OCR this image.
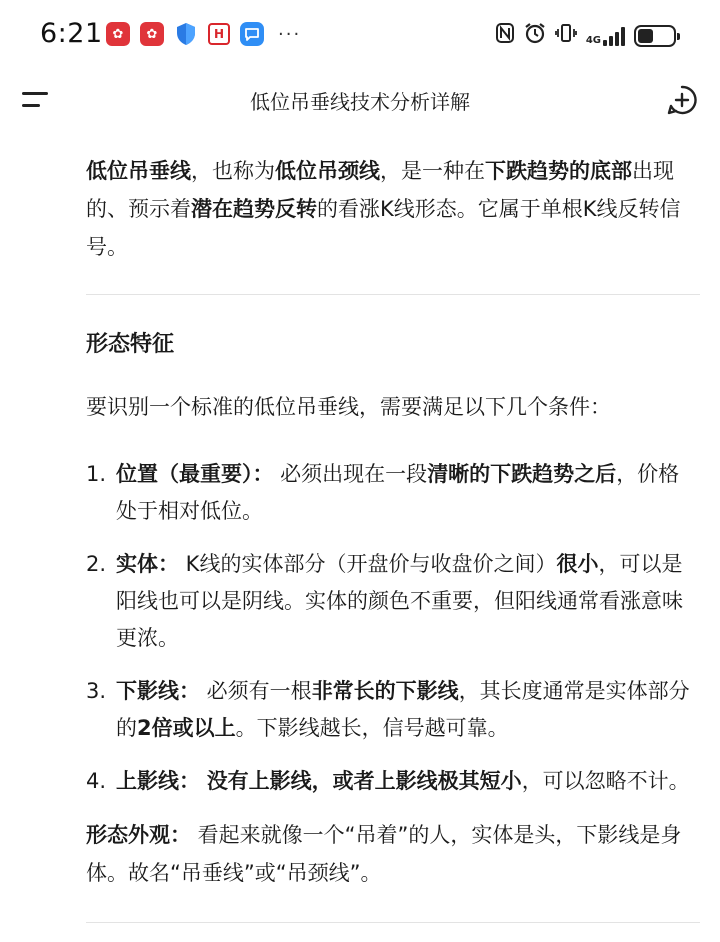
6:21 ✿	✿	H	···	4G
低位吊垂线技术分析详解

低位吊垂线，也称为低位吊颈线，是一种在下跌趋势的底部出现的、预示着潜在趋势反转的看涨K线形态。它属于单根K线反转信号。

形态特征

要识别一个标准的低位吊垂线，需要满足以下几个条件：

1. 位置（最重要）： 必须出现在一段清晰的下跌趋势之后，价格处于相对低位。
2. 实体： K线的实体部分（开盘价与收盘价之间）很小，可以是阳线也可以是阴线。实体的颜色不重要，但阳线通常看涨意味更浓。
3. 下影线： 必须有一根非常长的下影线，其长度通常是实体部分的2倍或以上。下影线越长，信号越可靠。
4. 上影线： 没有上影线，或者上影线极其短小，可以忽略不计。

形态外观： 看起来就像一个“吊着”的人，实体是头，下影线是身体。故名“吊垂线”或“吊颈线”。
